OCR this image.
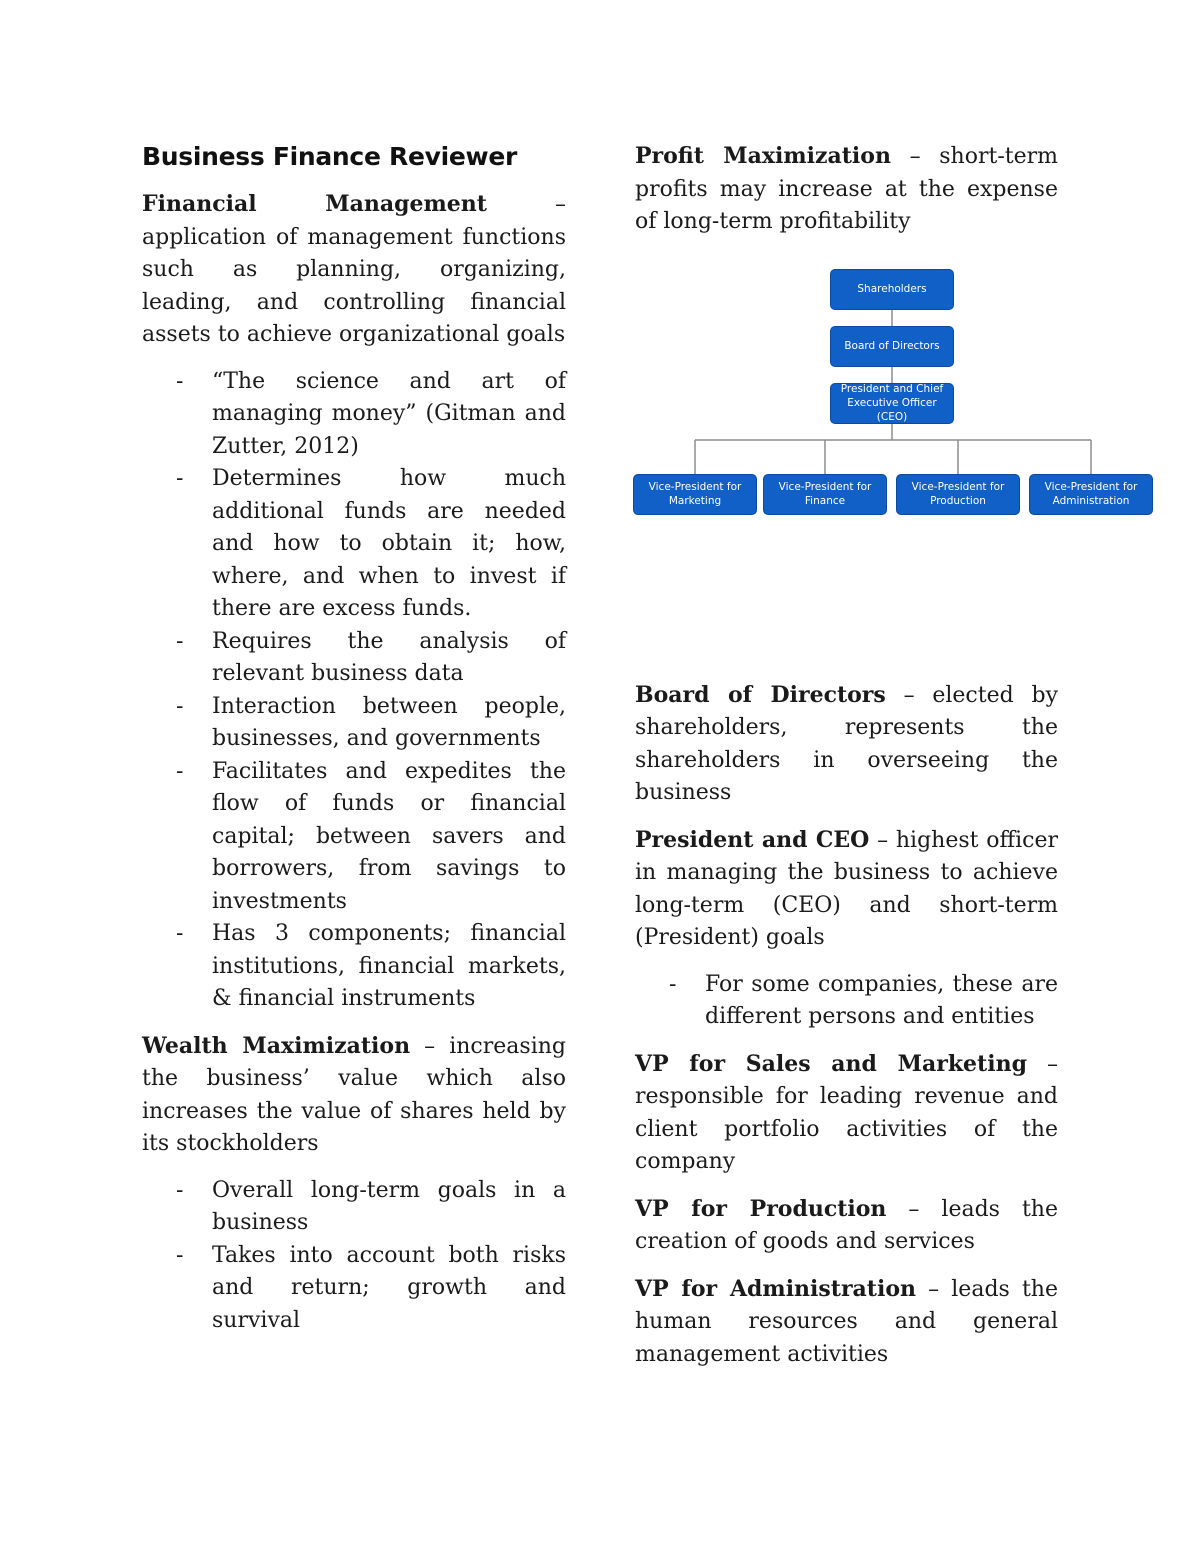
Business Finance Reviewer

Financial Management – application of management functions such as planning, organizing, leading, and controlling financial assets to achieve organizational goals

- “The science and art of managing money” (Gitman and Zutter, 2012)
- Determines how much additional funds are needed and how to obtain it; how, where, and when to invest if there are excess funds.
- Requires the analysis of relevant business data
- Interaction between people, businesses, and governments
- Facilitates and expedites the flow of funds or financial capital; between savers and borrowers, from savings to investments
- Has 3 components; financial institutions, financial markets, & financial instruments

Wealth Maximization – increasing the business’ value which also increases the value of shares held by its stockholders

- Overall long-term goals in a business
- Takes into account both risks and return; growth and survival

Profit Maximization – short-term profits may increase at the expense of long-term profitability

Shareholders
Board of Directors
President and Chief Executive Officer (CEO)
Vice-President for Marketing
Vice-President for Finance
Vice-President for Production
Vice-President for Administration

Board of Directors – elected by shareholders, represents the shareholders in overseeing the business

President and CEO – highest officer in managing the business to achieve long-term (CEO) and short-term (President) goals

- For some companies, these are different persons and entities

VP for Sales and Marketing – responsible for leading revenue and client portfolio activities of the company

VP for Production – leads the creation of goods and services

VP for Administration – leads the human resources and general management activities
